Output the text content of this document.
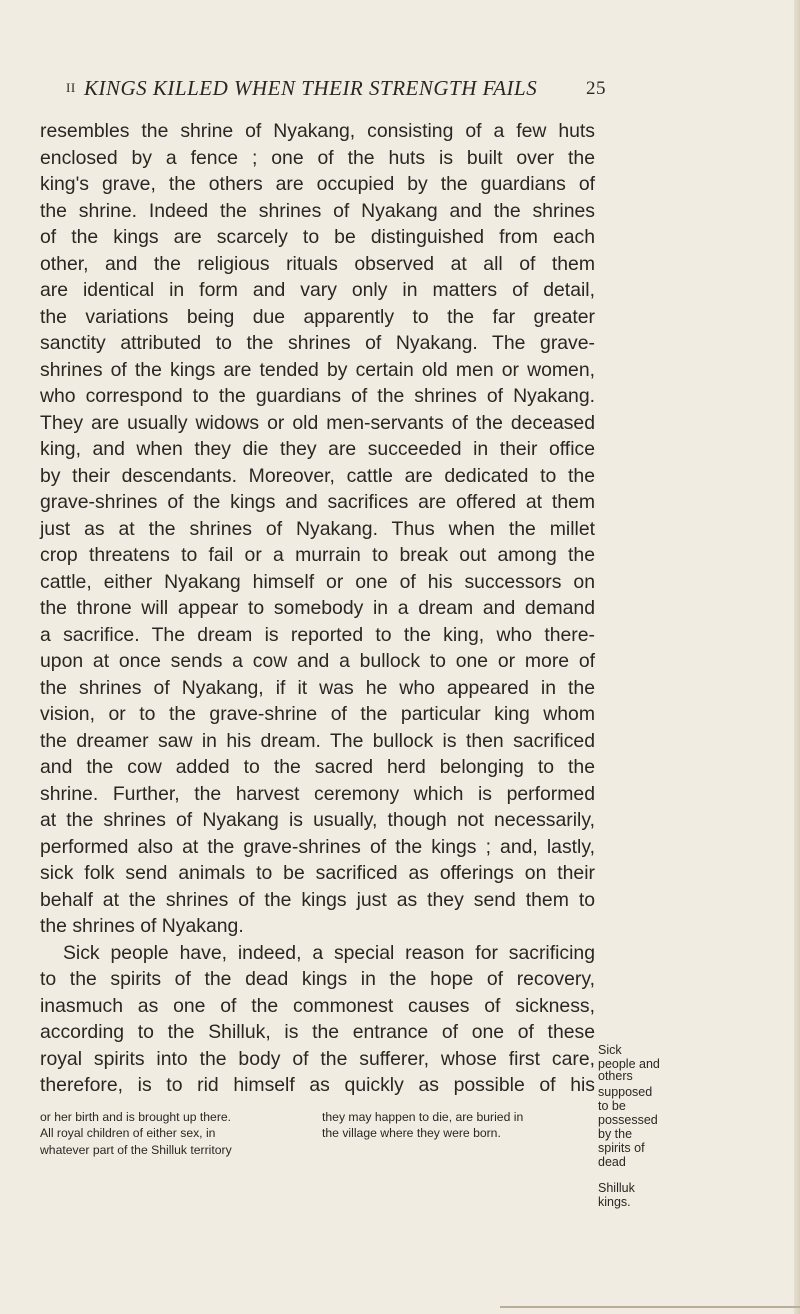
II KINGS KILLED WHEN THEIR STRENGTH FAILS	25
resembles the shrine of Nyakang, consisting of a few huts
enclosed by a fence ; one of the huts is built over the
king's grave, the others are occupied by the guardians of
the shrine. Indeed the shrines of Nyakang and the shrines
of the kings are scarcely to be distinguished from each
other, and the religious rituals observed at all of them
are identical in form and vary only in matters of detail,
the variations being due apparently to the far greater
sanctity attributed to the shrines of Nyakang. The grave-
shrines of the kings are tended by certain old men or women,
who correspond to the guardians of the shrines of Nyakang.
They are usually widows or old men-servants of the deceased
king, and when they die they are succeeded in their office
by their descendants. Moreover, cattle are dedicated to the
grave-shrines of the kings and sacrifices are offered at them
just as at the shrines of Nyakang. Thus when the millet
crop threatens to fail or a murrain to break out among the
cattle, either Nyakang himself or one of his successors on
the throne will appear to somebody in a dream and demand
a sacrifice. The dream is reported to the king, who there-
upon at once sends a cow and a bullock to one or more of
the shrines of Nyakang, if it was he who appeared in the
vision, or to the grave-shrine of the particular king whom
the dreamer saw in his dream. The bullock is then sacrificed
and the cow added to the sacred herd belonging to the
shrine. Further, the harvest ceremony which is performed
at the shrines of Nyakang is usually, though not necessarily,
performed also at the grave-shrines of the kings ; and, lastly,
sick folk send animals to be sacrificed as offerings on their
behalf at the shrines of the kings just as they send them to
the shrines of Nyakang.
Sick people have, indeed, a special reason for sacrificing
to the spirits of the dead kings in the hope of recovery,
inasmuch as one of the commonest causes of sickness,
according to the Shilluk, is the entrance of one of these
royal spirits into the body of the sufferer, whose first care,
therefore, is to rid himself as quickly as possible of his
Sick
people and
others
supposed
to be
possessed
by the
spirits of
dead
Shilluk
kings.
or her birth and is brought up there.
All royal children of either sex, in
whatever part of the Shilluk territory
they may happen to die, are buried in
the village where they were born.
